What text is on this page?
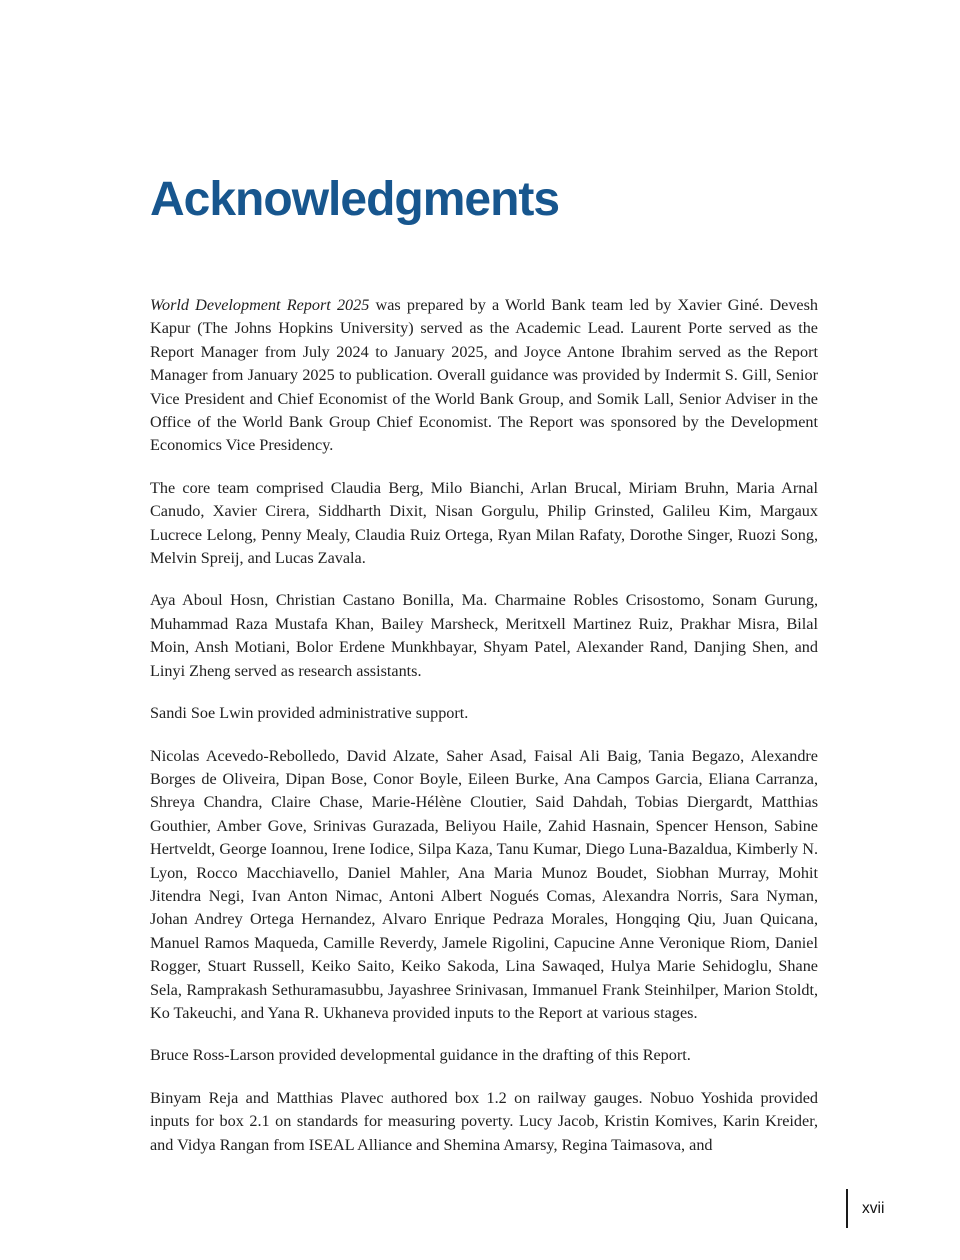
Acknowledgments

World Development Report 2025 was prepared by a World Bank team led by Xavier Giné. Devesh Kapur (The Johns Hopkins University) served as the Academic Lead. Laurent Porte served as the Report Manager from July 2024 to January 2025, and Joyce Antone Ibrahim served as the Report Manager from January 2025 to publication. Overall guidance was provided by Indermit S. Gill, Senior Vice President and Chief Economist of the World Bank Group, and Somik Lall, Senior Adviser in the Office of the World Bank Group Chief Economist. The Report was sponsored by the Development Economics Vice Presidency.

The core team comprised Claudia Berg, Milo Bianchi, Arlan Brucal, Miriam Bruhn, Maria Arnal Canudo, Xavier Cirera, Siddharth Dixit, Nisan Gorgulu, Philip Grinsted, Galileu Kim, Margaux Lucrece Lelong, Penny Mealy, Claudia Ruiz Ortega, Ryan Milan Rafaty, Dorothe Singer, Ruozi Song, Melvin Spreij, and Lucas Zavala.

Aya Aboul Hosn, Christian Castano Bonilla, Ma. Charmaine Robles Crisostomo, Sonam Gurung, Muhammad Raza Mustafa Khan, Bailey Marsheck, Meritxell Martinez Ruiz, Prakhar Misra, Bilal Moin, Ansh Motiani, Bolor Erdene Munkhbayar, Shyam Patel, Alexander Rand, Danjing Shen, and Linyi Zheng served as research assistants.

Sandi Soe Lwin provided administrative support.

Nicolas Acevedo-Rebolledo, David Alzate, Saher Asad, Faisal Ali Baig, Tania Begazo, Alexandre Borges de Oliveira, Dipan Bose, Conor Boyle, Eileen Burke, Ana Campos Garcia, Eliana Carranza, Shreya Chandra, Claire Chase, Marie-Hélène Cloutier, Said Dahdah, Tobias Diergardt, Matthias Gouthier, Amber Gove, Srinivas Gurazada, Beliyou Haile, Zahid Hasnain, Spencer Henson, Sabine Hertveldt, George Ioannou, Irene Iodice, Silpa Kaza, Tanu Kumar, Diego Luna-Bazaldua, Kimberly N. Lyon, Rocco Macchiavello, Daniel Mahler, Ana Maria Munoz Boudet, Siobhan Murray, Mohit Jitendra Negi, Ivan Anton Nimac, Antoni Albert Nogués Comas, Alexandra Norris, Sara Nyman, Johan Andrey Ortega Hernandez, Alvaro Enrique Pedraza Morales, Hongqing Qiu, Juan Quicana, Manuel Ramos Maqueda, Camille Reverdy, Jamele Rigolini, Capucine Anne Veronique Riom, Daniel Rogger, Stuart Russell, Keiko Saito, Keiko Sakoda, Lina Sawaqed, Hulya Marie Sehidoglu, Shane Sela, Ramprakash Sethuramasubbu, Jayashree Srinivasan, Immanuel Frank Steinhilper, Marion Stoldt, Ko Takeuchi, and Yana R. Ukhaneva provided inputs to the Report at various stages.

Bruce Ross-Larson provided developmental guidance in the drafting of this Report.

Binyam Reja and Matthias Plavec authored box 1.2 on railway gauges. Nobuo Yoshida provided inputs for box 2.1 on standards for measuring poverty. Lucy Jacob, Kristin Komives, Karin Kreider, and Vidya Rangan from ISEAL Alliance and Shemina Amarsy, Regina Taimasova, and

xvii
